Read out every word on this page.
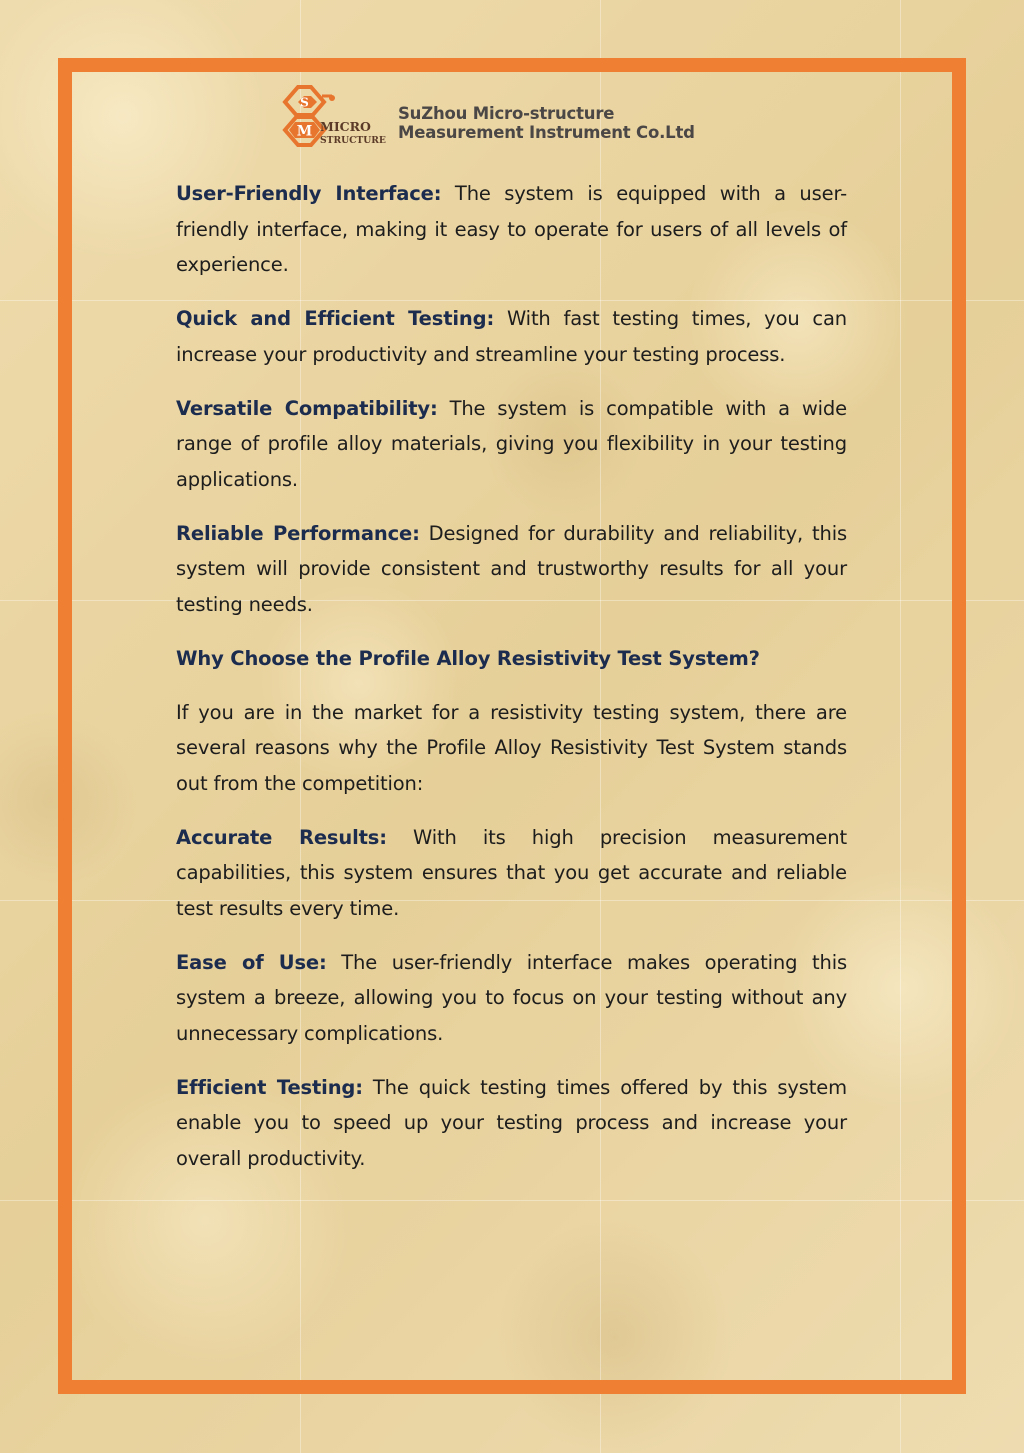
S
M MICRO
STRUCTURE
SuZhou Micro-structure
Measurement Instrument Co.Ltd

User-Friendly Interface: The system is equipped with a user-friendly interface, making it easy to operate for users of all levels of experience.

Quick and Efficient Testing: With fast testing times, you can increase your productivity and streamline your testing process.

Versatile Compatibility: The system is compatible with a wide range of profile alloy materials, giving you flexibility in your testing applications.

Reliable Performance: Designed for durability and reliability, this system will provide consistent and trustworthy results for all your testing needs.

Why Choose the Profile Alloy Resistivity Test System?

If you are in the market for a resistivity testing system, there are several reasons why the Profile Alloy Resistivity Test System stands out from the competition:

Accurate Results: With its high precision measurement capabilities, this system ensures that you get accurate and reliable test results every time.

Ease of Use: The user-friendly interface makes operating this system a breeze, allowing you to focus on your testing without any unnecessary complications.

Efficient Testing: The quick testing times offered by this system enable you to speed up your testing process and increase your overall productivity.
